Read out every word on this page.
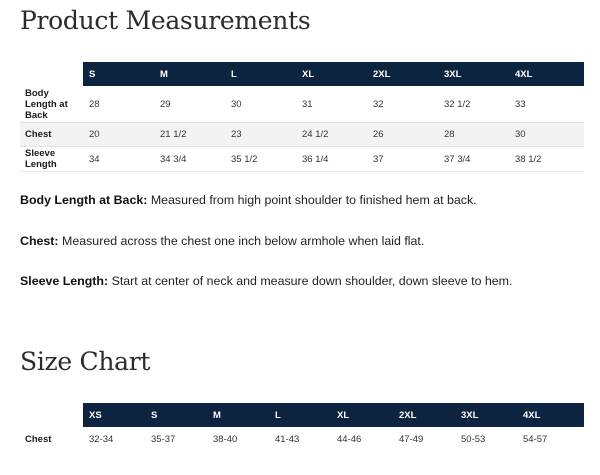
Product Measurements
	S	M	L	XL	2XL	3XL	4XL
Body Length at Back	28	29	30	31	32	32 1/2	33
Chest	20	21 1/2	23	24 1/2	26	28	30
Sleeve Length	34	34 3/4	35 1/2	36 1/4	37	37 3/4	38 1/2

Body Length at Back: Measured from high point shoulder to finished hem at back.

Chest: Measured across the chest one inch below armhole when laid flat.

Sleeve Length: Start at center of neck and measure down shoulder, down sleeve to hem.

Size Chart
	XS	S	M	L	XL	2XL	3XL	4XL
Chest	32-34	35-37	38-40	41-43	44-46	47-49	50-53	54-57
